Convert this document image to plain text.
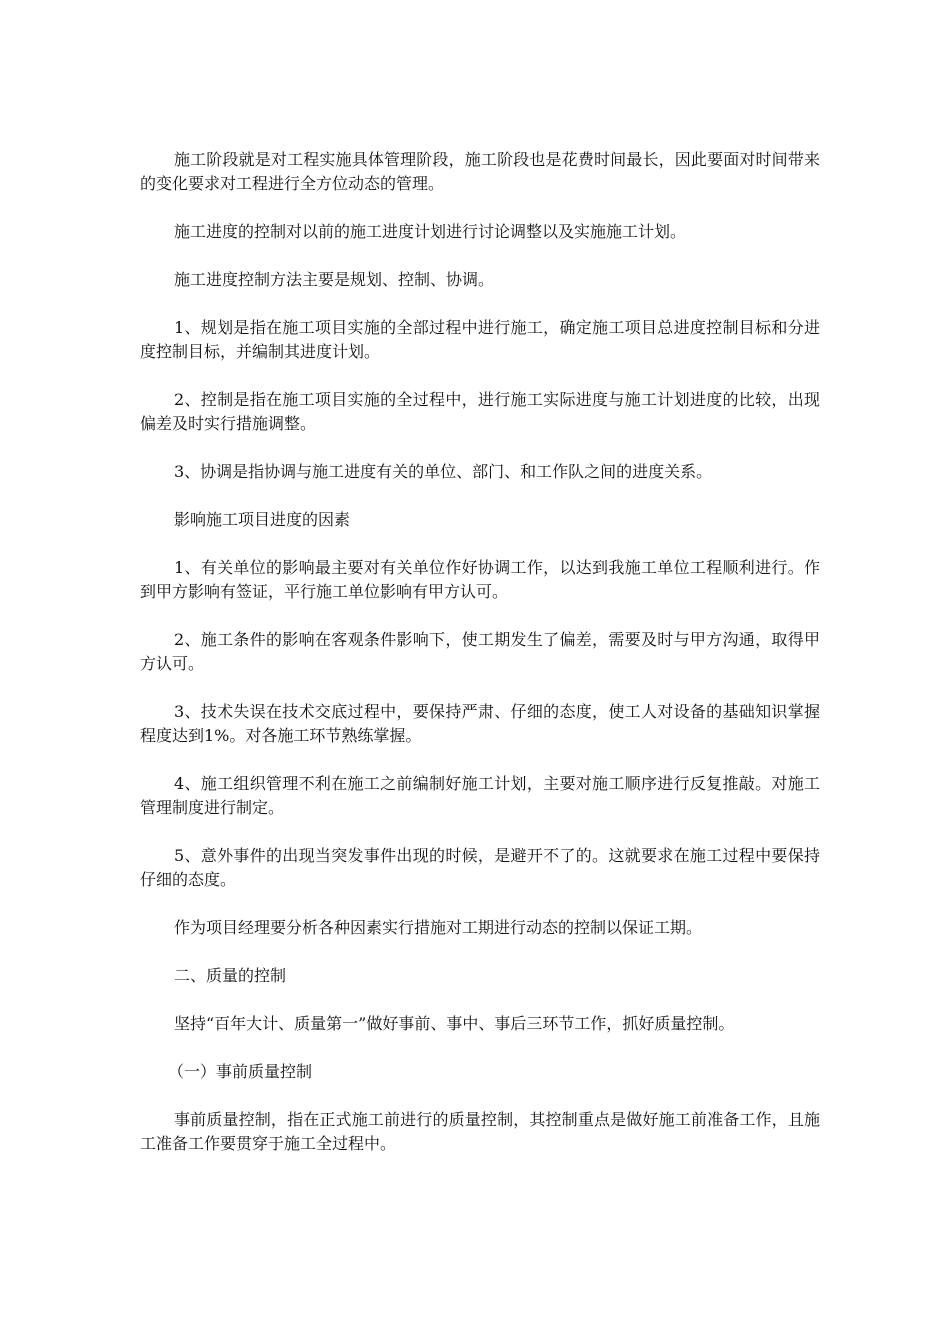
施工阶段就是对工程实施具体管理阶段，施工阶段也是花费时间最长，因此要面对时间带来的变化要求对工程进行全方位动态的管理。

施工进度的控制对以前的施工进度计划进行讨论调整以及实施施工计划。

施工进度控制方法主要是规划、控制、协调。

1、规划是指在施工项目实施的全部过程中进行施工，确定施工项目总进度控制目标和分进度控制目标，并编制其进度计划。

2、控制是指在施工项目实施的全过程中，进行施工实际进度与施工计划进度的比较，出现偏差及时实行措施调整。

3、协调是指协调与施工进度有关的单位、部门、和工作队之间的进度关系。

影响施工项目进度的因素

1、有关单位的影响最主要对有关单位作好协调工作，以达到我施工单位工程顺利进行。作到甲方影响有签证，平行施工单位影响有甲方认可。

2、施工条件的影响在客观条件影响下，使工期发生了偏差，需要及时与甲方沟通，取得甲方认可。

3、技术失误在技术交底过程中，要保持严肃、仔细的态度，使工人对设备的基础知识掌握程度达到1%。对各施工环节熟练掌握。

4、施工组织管理不利在施工之前编制好施工计划，主要对施工顺序进行反复推敲。对施工管理制度进行制定。

5、意外事件的出现当突发事件出现的时候，是避开不了的。这就要求在施工过程中要保持仔细的态度。

作为项目经理要分析各种因素实行措施对工期进行动态的控制以保证工期。

二、质量的控制

坚持“百年大计、质量第一”做好事前、事中、事后三环节工作，抓好质量控制。

（一）事前质量控制

事前质量控制，指在正式施工前进行的质量控制，其控制重点是做好施工前准备工作，且施工准备工作要贯穿于施工全过程中。
